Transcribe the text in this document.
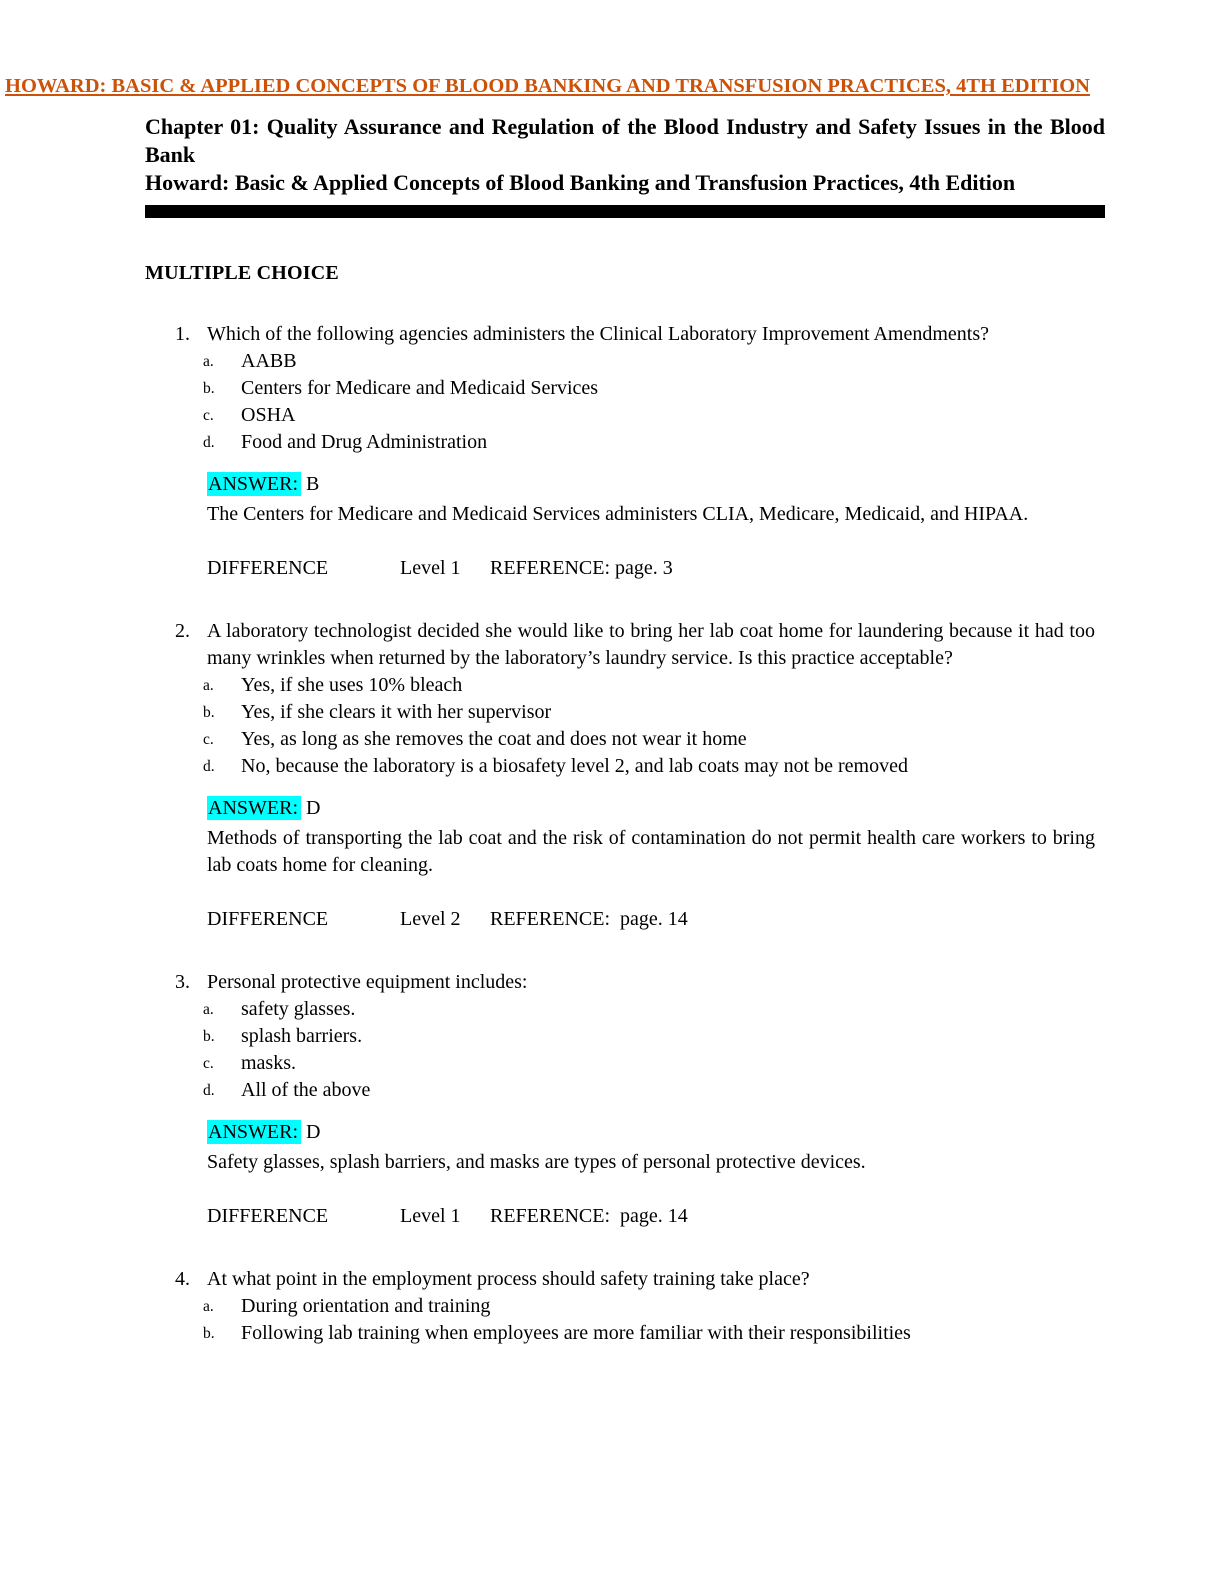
HOWARD: BASIC & APPLIED CONCEPTS OF BLOOD BANKING AND TRANSFUSION PRACTICES, 4TH EDITION
Chapter 01: Quality Assurance and Regulation of the Blood Industry and Safety Issues in the Blood Bank
Howard: Basic & Applied Concepts of Blood Banking and Transfusion Practices, 4th Edition
MULTIPLE CHOICE
1. Which of the following agencies administers the Clinical Laboratory Improvement Amendments?
a.	AABB
b.	Centers for Medicare and Medicaid Services
c.	OSHA
d.	Food and Drug Administration
ANSWER: B
The Centers for Medicare and Medicaid Services administers CLIA, Medicare, Medicaid, and HIPAA.
DIFFERENCE	Level 1 REFERENCE: page. 3
2. A laboratory technologist decided she would like to bring her lab coat home for laundering because it had too many wrinkles when returned by the laboratory’s laundry service. Is this practice acceptable?
a.	Yes, if she uses 10% bleach
b.	Yes, if she clears it with her supervisor
c.	Yes, as long as she removes the coat and does not wear it home
d.	No, because the laboratory is a biosafety level 2, and lab coats may not be removed
ANSWER: D
Methods of transporting the lab coat and the risk of contamination do not permit health care workers to bring lab coats home for cleaning.
DIFFERENCE	Level 2 REFERENCE:  page. 14
3. Personal protective equipment includes:
a.	safety glasses.
b.	splash barriers.
c.	masks.
d.	All of the above
ANSWER: D
Safety glasses, splash barriers, and masks are types of personal protective devices.
DIFFERENCE	Level 1 REFERENCE:  page. 14
4. At what point in the employment process should safety training take place?
a.	During orientation and training
b.	Following lab training when employees are more familiar with their responsibilities
